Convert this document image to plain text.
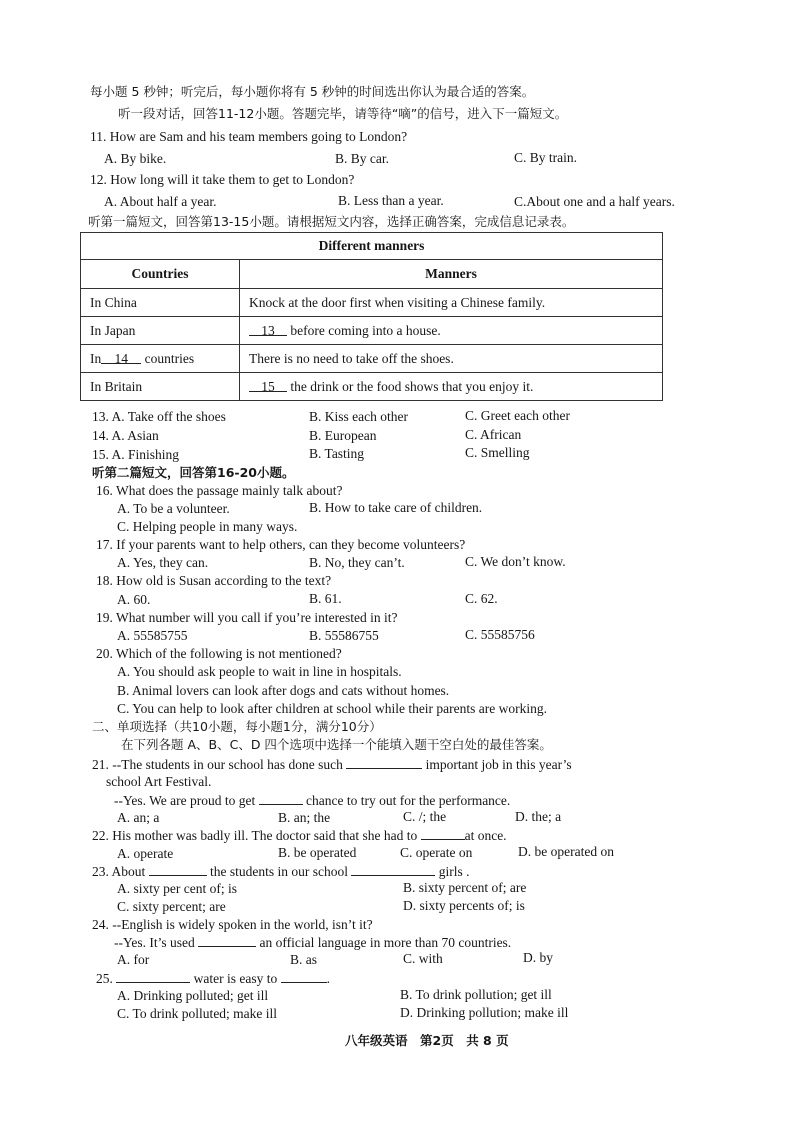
每小题 5 秒钟；听完后，每小题你将有 5 秒钟的时间选出你认为最合适的答案。
听一段对话，回答11-12小题。答题完毕，请等待“嘀”的信号，进入下一篇短文。
11. How are Sam and his team members going to London?
A. By bike.	B. By car.	C. By train.
12. How long will it take them to get to London?
A. About half a year.	B. Less than a year.	C.About one and a half years.
听第一篇短文，回答第13-15小题。请根据短文内容，选择正确答案，完成信息记录表。
Different manners	
Countries	Manners
In China	Knock at the door first when visiting a Chinese family.
In Japan	13 before coming into a house.
In 14 countries	There is no need to take off the shoes.
In Britain	15 the drink or the food shows that you enjoy it.
13. A. Take off the shoes	B. Kiss each other	C. Greet each other
14. A. Asian	B. European	C. African
15. A. Finishing	B. Tasting	C. Smelling
听第二篇短文，回答第16-20小题。
16. What does the passage mainly talk about?
A. To be a volunteer.	B. How to take care of children.
C. Helping people in many ways.
17. If your parents want to help others, can they become volunteers?
A. Yes, they can.	B. No, they can’t.	C. We don’t know.
18. How old is Susan according to the text?
A. 60.	B. 61.	C. 62.
19. What number will you call if you’re interested in it?
A. 55585755	B. 55586755	C. 55585756
20. Which of the following is not mentioned?
A. You should ask people to wait in line in hospitals.
B. Animal lovers can look after dogs and cats without homes.
C. You can help to look after children at school while their parents are working.
二、单项选择（共10小题，每小题1分，满分10分）
在下列各题 A、B、C、D 四个选项中选择一个能填入题干空白处的最佳答案。
21. --The students in our school has done such	important job in this year’s
school Art Festival.
--Yes. We are proud to get	chance to try out for the performance.
A. an; a	B. an; the	C. /; the	D. the; a
22. His mother was badly ill. The doctor said that she had to	at once.
A. operate	B. be operated	C. operate on	D. be operated on
23. About	the students in our school	girls .
A. sixty per cent of; is	B. sixty percent of; are
C. sixty percent; are	D. sixty percents of; is
24. --English is widely spoken in the world, isn’t it?
--Yes. It’s used	an official language in more than 70 countries.
A. for	B. as	C. with	D. by
25.	water is easy to	.
A. Drinking polluted; get ill	B. To drink pollution; get ill
C. To drink polluted; make ill	D. Drinking pollution; make ill
八年级英语　第2页　共 8 页
